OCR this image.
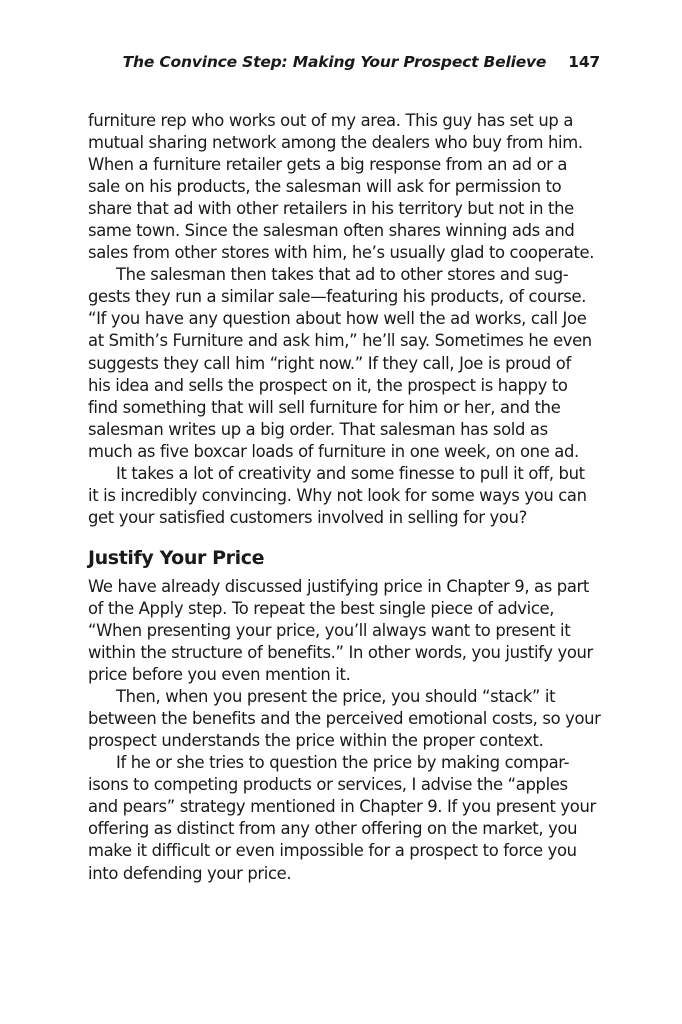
The Convince Step: Making Your Prospect Believe 147
furniture rep who works out of my area. This guy has set up a
mutual sharing network among the dealers who buy from him.
When a furniture retailer gets a big response from an ad or a
sale on his products, the salesman will ask for permission to
share that ad with other retailers in his territory but not in the
same town. Since the salesman often shares winning ads and
sales from other stores with him, he’s usually glad to cooperate.
The salesman then takes that ad to other stores and sug-
gests they run a similar sale—featuring his products, of course.
“If you have any question about how well the ad works, call Joe
at Smith’s Furniture and ask him,” he’ll say. Sometimes he even
suggests they call him “right now.” If they call, Joe is proud of
his idea and sells the prospect on it, the prospect is happy to
find something that will sell furniture for him or her, and the
salesman writes up a big order. That salesman has sold as
much as five boxcar loads of furniture in one week, on one ad.
It takes a lot of creativity and some finesse to pull it off, but
it is incredibly convincing. Why not look for some ways you can
get your satisfied customers involved in selling for you?
Justify Your Price
We have already discussed justifying price in Chapter 9, as part
of the Apply step. To repeat the best single piece of advice,
“When presenting your price, you’ll always want to present it
within the structure of benefits.” In other words, you justify your
price before you even mention it.
Then, when you present the price, you should “stack” it
between the benefits and the perceived emotional costs, so your
prospect understands the price within the proper context.
If he or she tries to question the price by making compar-
isons to competing products or services, I advise the “apples
and pears” strategy mentioned in Chapter 9. If you present your
offering as distinct from any other offering on the market, you
make it difficult or even impossible for a prospect to force you
into defending your price.
